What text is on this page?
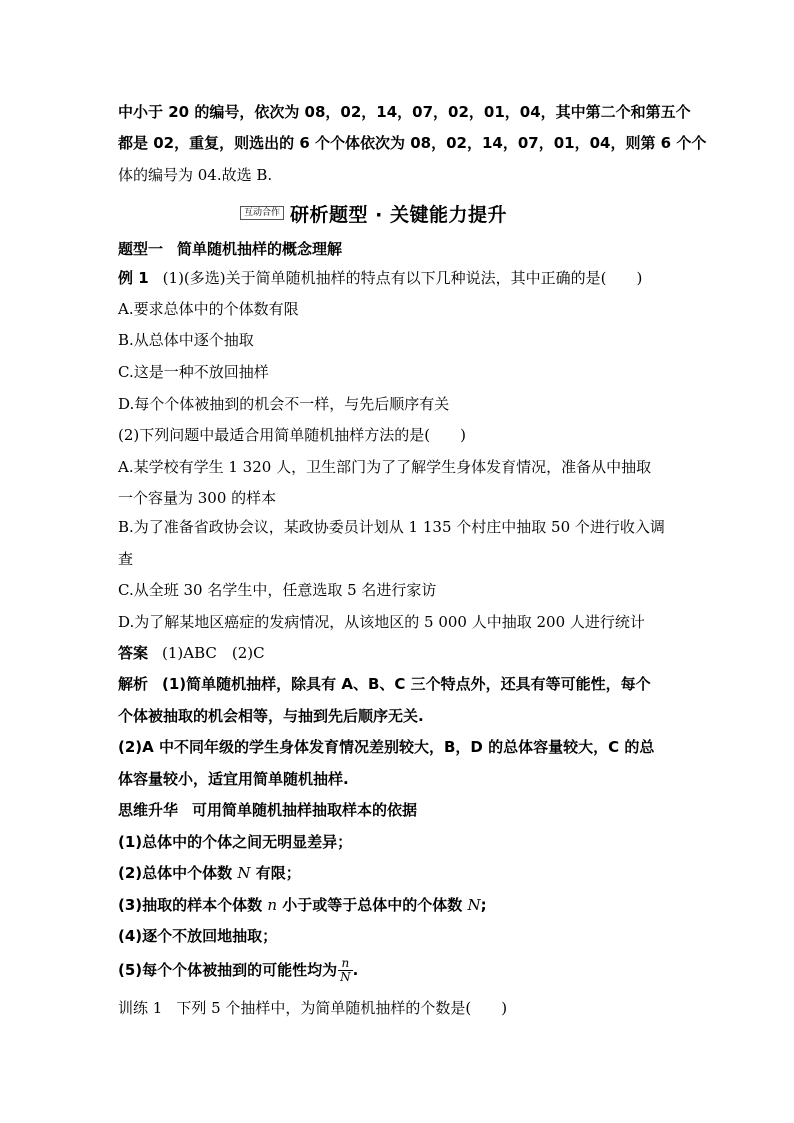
中小于 20 的编号，依次为 08，02，14，07，02，01，04，其中第二个和第五个
都是 02，重复，则选出的 6 个个体依次为 08，02，14，07，01，04，则第 6 个个
体的编号为 04.故选 B.
互动合作 研析题型 · 关键能力提升
题型一 简单随机抽样的概念理解
例 1 (1)(多选)关于简单随机抽样的特点有以下几种说法，其中正确的是(　　)
A.要求总体中的个体数有限
B.从总体中逐个抽取
C.这是一种不放回抽样
D.每个个体被抽到的机会不一样，与先后顺序有关
(2)下列问题中最适合用简单随机抽样方法的是(　　)
A.某学校有学生 1 320 人，卫生部门为了了解学生身体发育情况，准备从中抽取
一个容量为 300 的样本
B.为了准备省政协会议，某政协委员计划从 1 135 个村庄中抽取 50 个进行收入调
查
C.从全班 30 名学生中，任意选取 5 名进行家访
D.为了解某地区癌症的发病情况，从该地区的 5 000 人中抽取 200 人进行统计
答案 (1)ABC　(2)C
解析 (1)简单随机抽样，除具有 A、B、C 三个特点外，还具有等可能性，每个
个体被抽取的机会相等，与抽到先后顺序无关.
(2)A 中不同年级的学生身体发育情况差别较大，B，D 的总体容量较大，C 的总
体容量较小，适宜用简单随机抽样.
思维升华 可用简单随机抽样抽取样本的依据
(1)总体中的个体之间无明显差异；
(2)总体中个体数 N 有限；
(3)抽取的样本个体数 n 小于或等于总体中的个体数 N;
(4)逐个不放回地抽取；
(5)每个个体被抽到的可能性均为 $\frac{n}{N}$ .
训练 1 下列 5 个抽样中，为简单随机抽样的个数是(　　)
